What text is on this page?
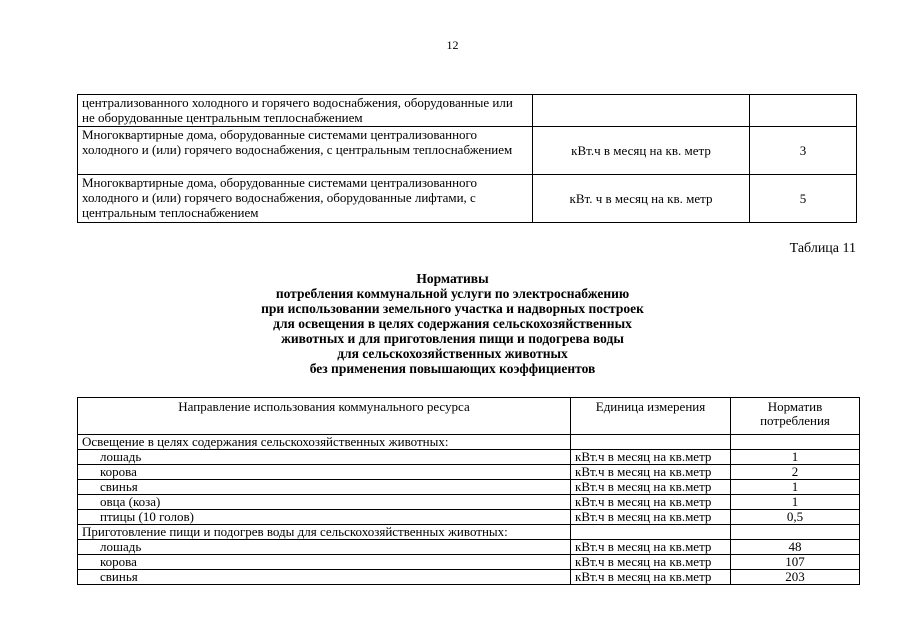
12
централизованного холодного и горячего водоснабжения, оборудованные или не оборудованные центральным теплоснабжением		
Многоквартирные дома, оборудованные системами централизованного холодного и (или) горячего водоснабжения, с центральным теплоснабжением	кВт.ч в месяц на кв. метр	3
Многоквартирные дома, оборудованные системами централизованного холодного и (или) горячего водоснабжения, оборудованные лифтами, с центральным теплоснабжением	кВт. ч в месяц на кв. метр	5
Таблица 11
Нормативы
потребления коммунальной услуги по электроснабжению
при использовании земельного участка и надворных построек
для освещения в целях содержания сельскохозяйственных
животных и для приготовления пищи и подогрева воды
для сельскохозяйственных животных
без применения повышающих коэффициентов
Направление использования коммунального ресурса	Единица измерения	Норматив потребления
Освещение в целях содержания сельскохозяйственных животных:		
лошадь	кВт.ч в месяц на кв.метр	1
корова	кВт.ч в месяц на кв.метр	2
свинья	кВт.ч в месяц на кв.метр	1
овца (коза)	кВт.ч в месяц на кв.метр	1
птицы (10 голов)	кВт.ч в месяц на кв.метр	0,5
Приготовление пищи и подогрев воды для сельскохозяйственных животных:		
лошадь	кВт.ч в месяц на кв.метр	48
корова	кВт.ч в месяц на кв.метр	107
свинья	кВт.ч в месяц на кв.метр	203
